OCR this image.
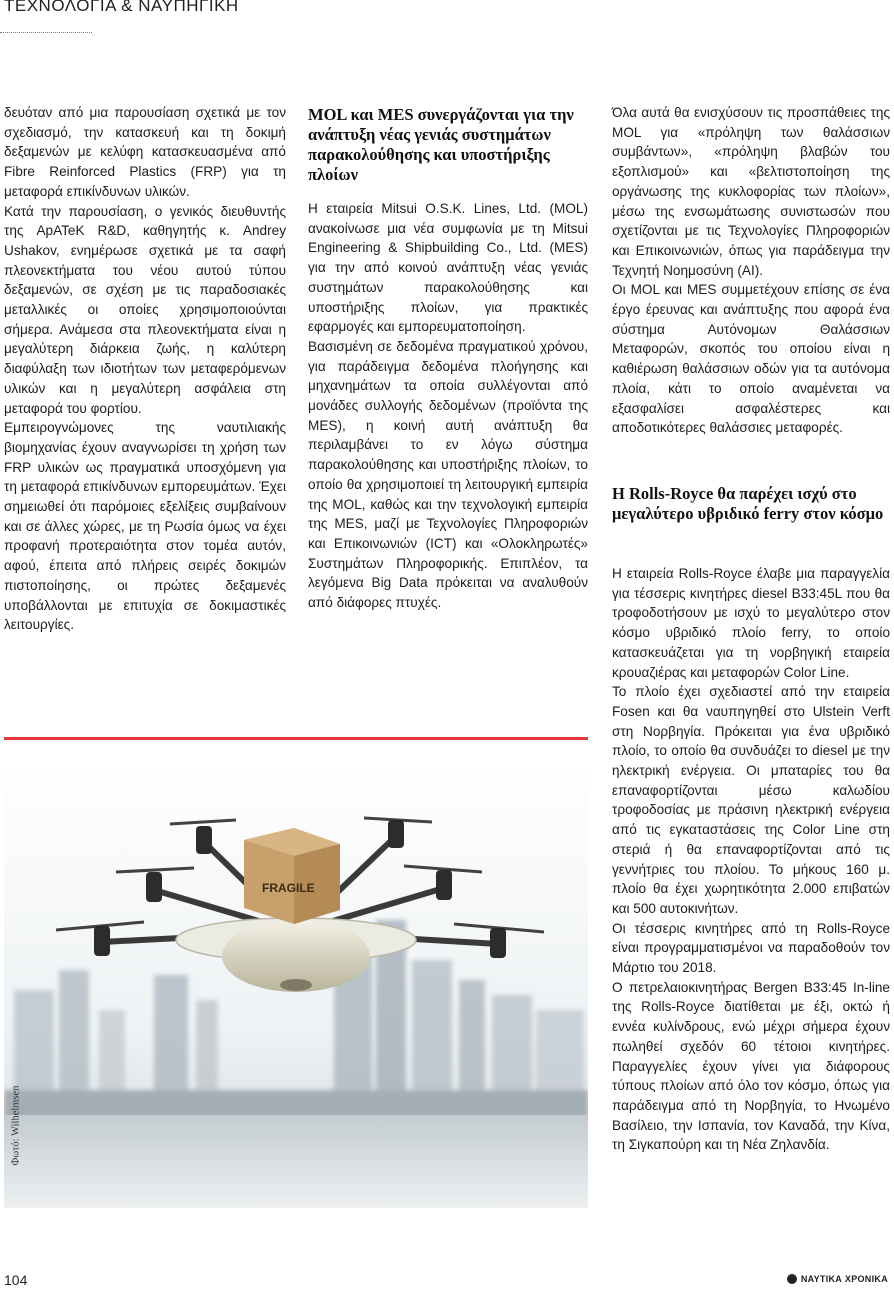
ΤΕΧΝΟΛΟΓΙΑ & ΝΑΥΠΗΓΙΚΗ

δευόταν από μια παρουσίαση σχετικά με τον σχεδιασμό, την κατασκευή και τη δοκιμή δεξαμενών με κελύφη κατασκευασμένα από Fibre Reinforced Plastics (FRP) για τη μεταφορά επικίνδυνων υλικών.

Κατά την παρουσίαση, ο γενικός διευθυντής της ApATeK R&D, καθηγητής κ. Andrey Ushakov, ενημέρωσε σχετικά με τα σαφή πλεονεκτήματα του νέου αυτού τύπου δεξαμενών, σε σχέση με τις παραδοσιακές μεταλλικές οι οποίες χρησιμοποιούνται σήμερα. Ανάμεσα στα πλεονεκτήματα είναι η μεγαλύτερη διάρκεια ζωής, η καλύτερη διαφύλαξη των ιδιοτήτων των μεταφερόμενων υλικών και η μεγαλύτερη ασφάλεια στη μεταφορά του φορτίου.

Εμπειρογνώμονες της ναυτιλιακής βιομηχανίας έχουν αναγνωρίσει τη χρήση των FRP υλικών ως πραγματικά υποσχόμενη για τη μεταφορά επικίνδυνων εμπορευμάτων. Έχει σημειωθεί ότι παρόμοιες εξελίξεις συμβαίνουν και σε άλλες χώρες, με τη Ρωσία όμως να έχει προφανή προτεραιότητα στον τομέα αυτόν, αφού, έπειτα από πλήρεις σειρές δοκιμών πιστοποίησης, οι πρώτες δεξαμενές υποβάλλονται με επιτυχία σε δοκιμαστικές λειτουργίες.

MOL και MES συνεργάζονται για την ανάπτυξη νέας γενιάς συστημάτων παρακολούθησης και υποστήριξης πλοίων

Η εταιρεία Mitsui O.S.K. Lines, Ltd. (MOL) ανακοίνωσε μια νέα συμφωνία με τη Mitsui Engineering & Shipbuilding Co., Ltd. (MES) για την από κοινού ανάπτυξη νέας γενιάς συστημάτων παρακολούθησης και υποστήριξης πλοίων, για πρακτικές εφαρμογές και εμπορευματοποίηση.

Βασισμένη σε δεδομένα πραγματικού χρόνου, για παράδειγμα δεδομένα πλοήγησης και μηχανημάτων τα οποία συλλέγονται από μονάδες συλλογής δεδομένων (προϊόντα της MES), η κοινή αυτή ανάπτυξη θα περιλαμβάνει το εν λόγω σύστημα παρακολούθησης και υποστήριξης πλοίων, το οποίο θα χρησιμοποιεί τη λειτουργική εμπειρία της MOL, καθώς και την τεχνολογική εμπειρία της MES, μαζί με Τεχνολογίες Πληροφοριών και Επικοινωνιών (ICT) και «Ολοκληρωτές» Συστημάτων Πληροφορικής. Επιπλέον, τα λεγόμενα Big Data πρόκειται να αναλυθούν από διάφορες πτυχές.

Όλα αυτά θα ενισχύσουν τις προσπάθειες της MOL για «πρόληψη των θαλάσσιων συμβάντων», «πρόληψη βλαβών του εξοπλισμού» και «βελτιστοποίηση της οργάνωσης της κυκλοφορίας των πλοίων», μέσω της ενσωμάτωσης συνιστωσών που σχετίζονται με τις Τεχνολογίες Πληροφοριών και Επικοινωνιών, όπως για παράδειγμα την Τεχνητή Νοημοσύνη (AI).

Οι MOL και MES συμμετέχουν επίσης σε ένα έργο έρευνας και ανάπτυξης που αφορά ένα σύστημα Αυτόνομων Θαλάσσιων Μεταφορών, σκοπός του οποίου είναι η καθιέρωση θαλάσσιων οδών για τα αυτόνομα πλοία, κάτι το οποίο αναμένεται να εξασφαλίσει ασφαλέστερες και αποδοτικότερες θαλάσσιες μεταφορές.

Η Rolls-Royce θα παρέχει ισχύ στο μεγαλύτερο υβριδικό ferry στον κόσμο

Η εταιρεία Rolls-Royce έλαβε μια παραγγελία για τέσσερις κινητήρες diesel B33:45L που θα τροφοδοτήσουν με ισχύ το μεγαλύτερο στον κόσμο υβριδικό πλοίο ferry, το οποίο κατασκευάζεται για τη νορβηγική εταιρεία κρουαζιέρας και μεταφορών Color Line.

Το πλοίο έχει σχεδιαστεί από την εταιρεία Fosen και θα ναυπηγηθεί στο Ulstein Verft στη Νορβηγία. Πρόκειται για ένα υβριδικό πλοίο, το οποίο θα συνδυάζει το diesel με την ηλεκτρική ενέργεια. Οι μπαταρίες του θα επαναφορτίζονται μέσω καλωδίου τροφοδοσίας με πράσινη ηλεκτρική ενέργεια από τις εγκαταστάσεις της Color Line στη στεριά ή θα επαναφορτίζονται από τις γεννήτριες του πλοίου. Το μήκους 160 μ. πλοίο θα έχει χωρητικότητα 2.000 επιβατών και 500 αυτοκινήτων.

Οι τέσσερις κινητήρες από τη Rolls-Royce είναι προγραμματισμένοι να παραδοθούν τον Μάρτιο του 2018.

Ο πετρελαιοκινητήρας Bergen B33:45 In-line της Rolls-Royce διατίθεται με έξι, οκτώ ή εννέα κυλίνδρους, ενώ μέχρι σήμερα έχουν πωληθεί σχεδόν 60 τέτοιοι κινητήρες. Παραγγελίες έχουν γίνει για διάφορους τύπους πλοίων από όλο τον κόσμο, όπως για παράδειγμα από τη Νορβηγία, το Ηνωμένο Βασίλειο, την Ισπανία, τον Καναδά, την Κίνα, τη Σιγκαπούρη και τη Νέα Ζηλανδία.

FRAGILE
Φωτό: Wilhelmsen
104	ΝΑΥΤΙΚΑ ΧΡΟΝΙΚΑ
